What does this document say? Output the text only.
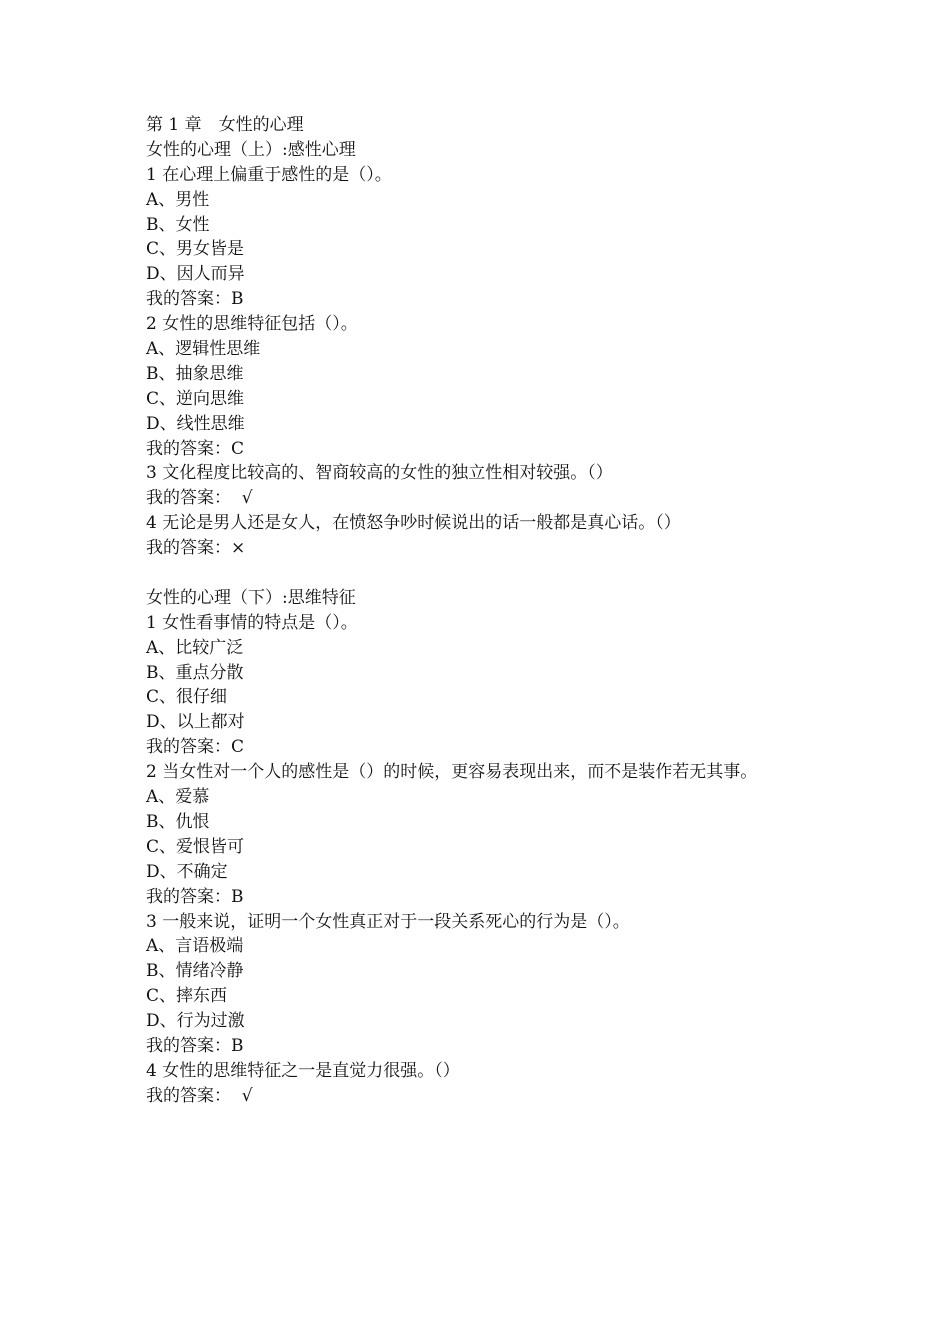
第 1 章　女性的心理
女性的心理（上）:感性心理
1 在心理上偏重于感性的是（）。
A、男性
B、女性
C、男女皆是
D、因人而异
我的答案：B
2 女性的思维特征包括（）。
A、逻辑性思维
B、抽象思维
C、逆向思维
D、线性思维
我的答案：C
3 文化程度比较高的、智商较高的女性的独立性相对较强。（）
我的答案：  √
4 无论是男人还是女人，在愤怒争吵时候说出的话一般都是真心话。（）
我的答案：×
女性的心理（下）:思维特征
1 女性看事情的特点是（）。
A、比较广泛
B、重点分散
C、很仔细
D、以上都对
我的答案：C
2 当女性对一个人的感性是（）的时候，更容易表现出来，而不是装作若无其事。
A、爱慕
B、仇恨
C、爱恨皆可
D、不确定
我的答案：B
3 一般来说，证明一个女性真正对于一段关系死心的行为是（）。
A、言语极端
B、情绪冷静
C、摔东西
D、行为过激
我的答案：B
4 女性的思维特征之一是直觉力很强。（）
我的答案：  √
